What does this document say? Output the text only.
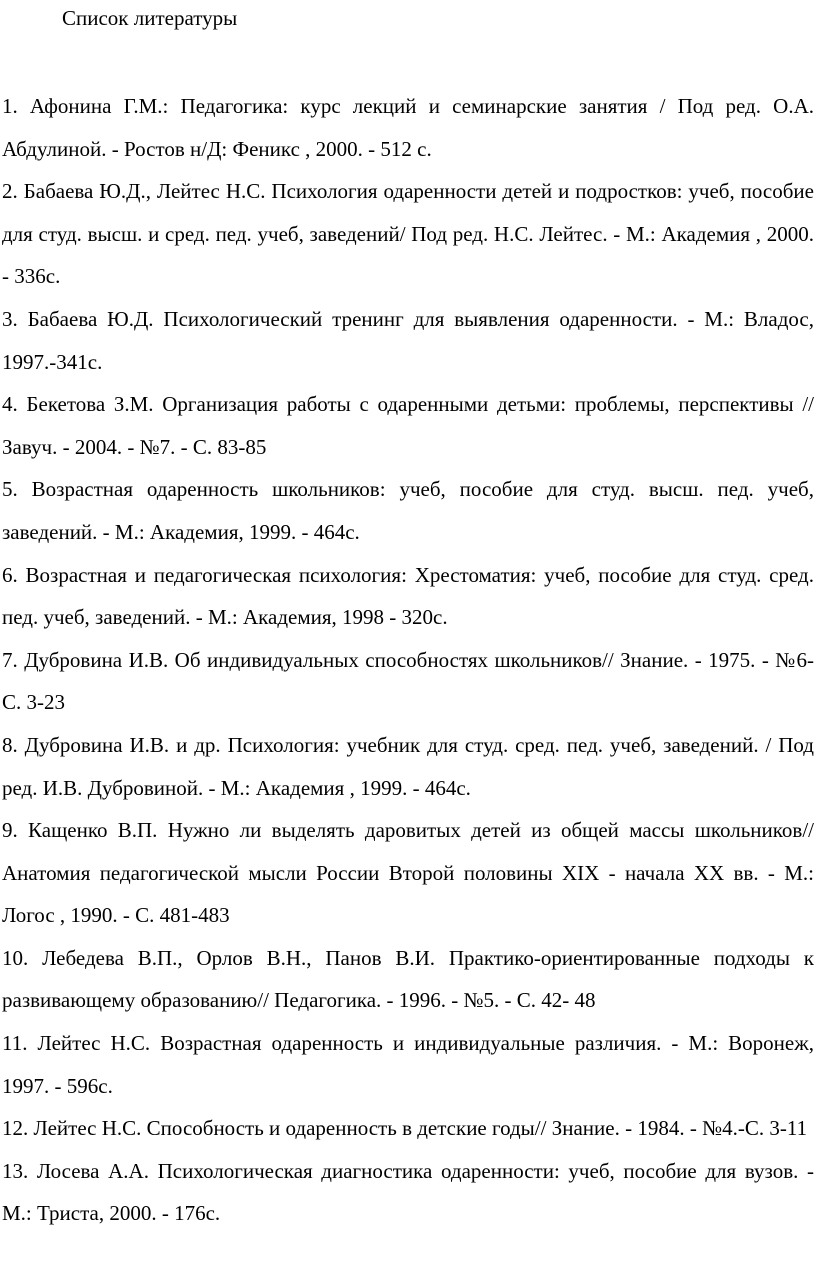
Список литературы

1. Афонина Г.М.: Педагогика: курс лекций и семинарские занятия / Под ред. О.А. Абдулиной. - Ростов н/Д: Феникс , 2000. - 512 с.

2. Бабаева Ю.Д., Лейтес Н.С. Психология одаренности детей и подростков: учеб, пособие для студ. высш. и сред. пед. учеб, заведений/ Под ред. Н.С. Лейтес. - М.: Академия , 2000. - 336с.

3. Бабаева Ю.Д. Психологический тренинг для выявления одаренности. - М.: Владос, 1997.-341с.

4. Бекетова З.М. Организация работы с одаренными детьми: проблемы, перспективы // Завуч. - 2004. - №7. - С. 83-85

5. Возрастная одаренность школьников: учеб, пособие для студ. высш. пед. учеб, заведений. - М.: Академия, 1999. - 464с.

6. Возрастная и педагогическая психология: Хрестоматия: учеб, пособие для студ. сред. пед. учеб, заведений. - М.: Академия, 1998 - 320с.

7. Дубровина И.В. Об индивидуальных способностях школьников// Знание. - 1975. - №6-С. 3-23

8. Дубровина И.В. и др. Психология: учебник для студ. сред. пед. учеб, заведений. / Под ред. И.В. Дубровиной. - М.: Академия , 1999. - 464с.

9. Кащенко В.П. Нужно ли выделять даровитых детей из общей массы школьников// Анатомия педагогической мысли России Второй половины XIX - начала XX вв. - М.: Логос , 1990. - С. 481-483

10. Лебедева В.П., Орлов В.Н., Панов В.И. Практико-ориентированные подходы к развивающему образованию// Педагогика. - 1996. - №5. - С. 42- 48

11. Лейтес Н.С. Возрастная одаренность и индивидуальные различия. - М.: Воронеж, 1997. - 596с.

12. Лейтес Н.С. Способность и одаренность в детские годы// Знание. - 1984. - №4.-С. 3-11

13. Лосева А.А. Психологическая диагностика одаренности: учеб, пособие для вузов. - М.: Триста, 2000. - 176с.
